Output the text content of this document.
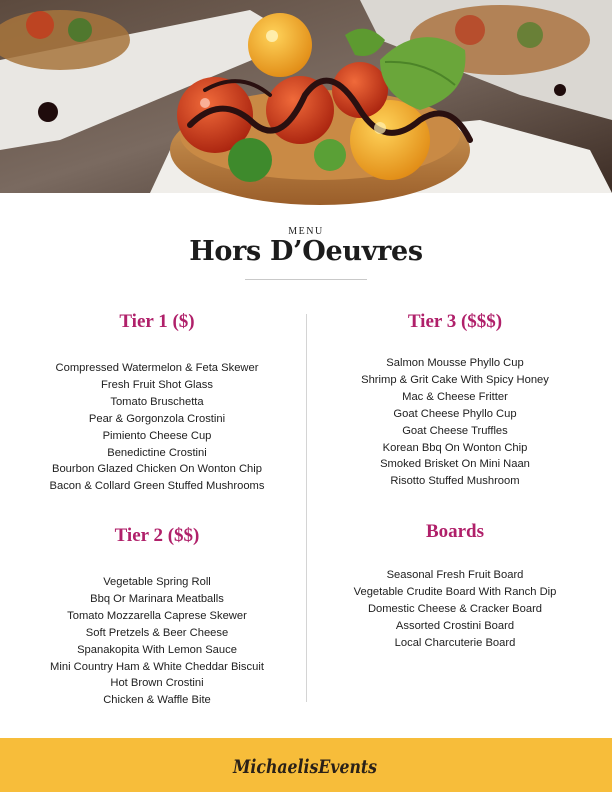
MENU
Hors D’Oeuvres
Tier 1 ($)
Compressed Watermelon & Feta Skewer
Fresh Fruit Shot Glass
Tomato Bruschetta
Pear & Gorgonzola Crostini
Pimiento Cheese Cup
Benedictine Crostini
Bourbon Glazed Chicken On Wonton Chip
Bacon & Collard Green Stuffed Mushrooms
Tier 2 ($$)
Vegetable Spring Roll
Bbq Or Marinara Meatballs
Tomato Mozzarella Caprese Skewer
Soft Pretzels & Beer Cheese
Spanakopita With Lemon Sauce
Mini Country Ham & White Cheddar Biscuit
Hot Brown Crostini
Chicken & Waffle Bite
Tier 3 ($$$)
Salmon Mousse Phyllo Cup
Shrimp & Grit Cake With Spicy Honey
Mac & Cheese Fritter
Goat Cheese Phyllo Cup
Goat Cheese Truffles
Korean Bbq On Wonton Chip
Smoked Brisket On Mini Naan
Risotto Stuffed Mushroom
Boards
Seasonal Fresh Fruit Board
Vegetable Crudite Board With Ranch Dip
Domestic Cheese & Cracker Board
Assorted Crostini Board
Local Charcuterie Board
MichaelisEvents
